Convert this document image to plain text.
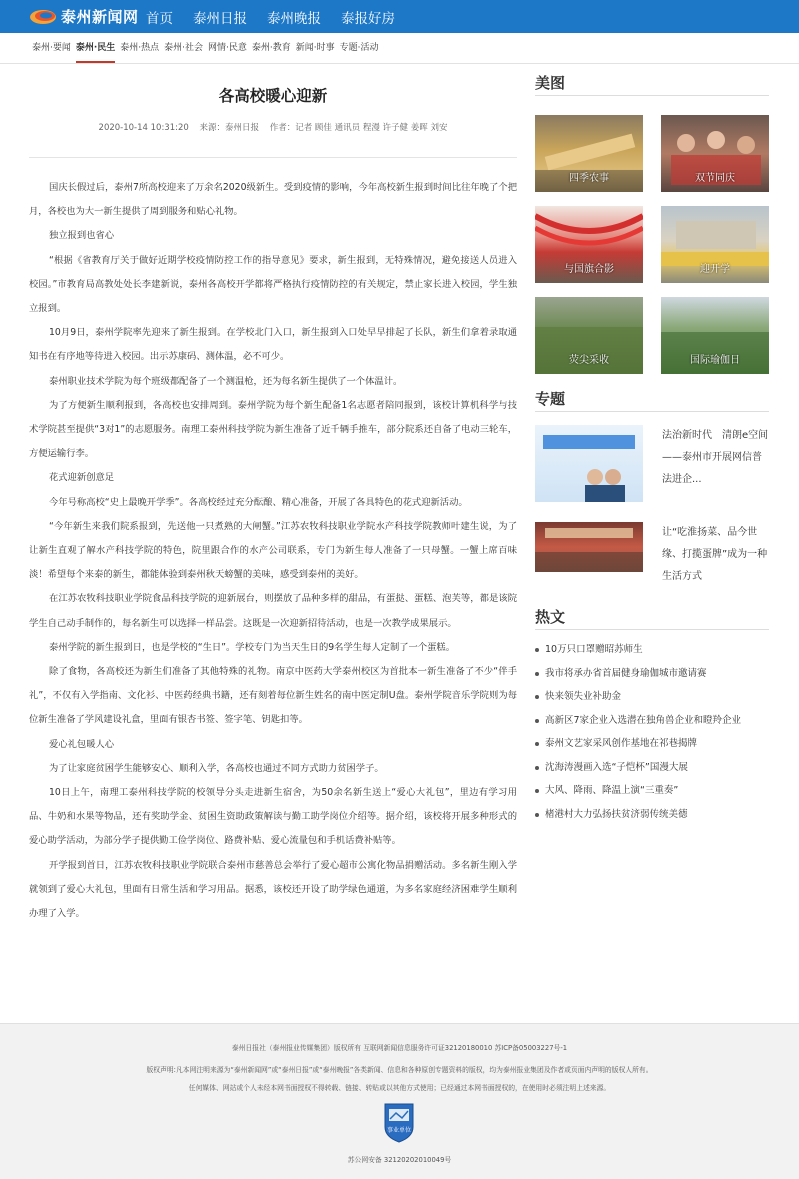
泰州新闻网 首页 泰州日报 泰州晚报 泰报好房
泰州·要闻 泰州·民生 泰州·热点 泰州·社会 网情·民意 泰州·教育 新闻·时事 专题·活动
各高校暖心迎新
2020-10-14 10:31:20 来源：泰州日报 作者：记者 顾佳 通讯员 程漫 许子健 姜晖 刘安

国庆长假过后，泰州7所高校迎来了万余名2020级新生。受到疫情的影响，今年高校新生报到时间比往年晚了个把月，各校也为大一新生提供了周到服务和贴心礼物。

独立报到也省心

“根据《省教育厅关于做好近期学校疫情防控工作的指导意见》要求，新生报到，无特殊情况，避免接送人员进入校园。”市教育局高教处处长李建新说，泰州各高校开学都将严格执行疫情防控的有关规定，禁止家长进入校园，学生独立报到。

10月9日，泰州学院率先迎来了新生报到。在学校北门入口，新生报到入口处早早排起了长队，新生们拿着录取通知书在有序地等待进入校园。出示苏康码、测体温，必不可少。

泰州职业技术学院为每个班级都配备了一个测温枪，还为每名新生提供了一个体温计。

为了方便新生顺利报到，各高校也安排周到。泰州学院为每个新生配备1名志愿者陪同报到，该校计算机科学与技术学院甚至提供“3对1”的志愿服务。南理工泰州科技学院为新生准备了近千辆手推车，部分院系还自备了电动三轮车，方便运输行李。

花式迎新创意足

今年号称高校“史上最晚开学季”。各高校经过充分酝酿、精心准备，开展了各具特色的花式迎新活动。

“今年新生来我们院系报到，先送他一只煮熟的大闸蟹。”江苏农牧科技职业学院水产科技学院教师叶建生说，为了让新生直观了解水产科技学院的特色，院里跟合作的水产公司联系，专门为新生每人准备了一只母蟹。一蟹上席百味淡！希望每个来泰的新生，都能体验到泰州秋天螃蟹的美味，感受到泰州的美好。

在江苏农牧科技职业学院食品科技学院的迎新展台，则摆放了品种多样的甜品，有蛋挞、蛋糕、泡芙等，都是该院学生自己动手制作的，每名新生可以选择一样品尝。这既是一次迎新招待活动，也是一次教学成果展示。

泰州学院的新生报到日，也是学校的“生日”。学校专门为当天生日的9名学生每人定制了一个蛋糕。

除了食物，各高校还为新生们准备了其他特殊的礼物。南京中医药大学泰州校区为首批本一新生准备了不少“伴手礼”，不仅有入学指南、文化衫、中医药经典书籍，还有刻着每位新生姓名的南中医定制U盘。泰州学院音乐学院则为每位新生准备了学风建设礼盒，里面有银杏书签、签字笔、钥匙扣等。

爱心礼包暖人心

为了让家庭贫困学生能够安心、顺利入学，各高校也通过不同方式助力贫困学子。

10日上午，南理工泰州科技学院的校领导分头走进新生宿舍，为50余名新生送上“爱心大礼包”，里边有学习用品、牛奶和水果等物品，还有奖助学金、贫困生资助政策解读与勤工助学岗位介绍等。据介绍，该校将开展多种形式的爱心助学活动，为部分学子提供勤工俭学岗位、路费补贴、爱心流量包和手机话费补贴等。

开学报到首日，江苏农牧科技职业学院联合泰州市慈善总会举行了爱心超市公寓化物品捐赠活动。多名新生刚入学就领到了爱心大礼包，里面有日常生活和学习用品。据悉，该校还开设了助学绿色通道，为多名家庭经济困难学生顺利办理了入学。

美图
四季农事	双节同庆
与国旗合影	迎开学
荧尖采收	国际瑜伽日
专题
法治新时代　清朗e空间——泰州市开展网信普法进企...
让“吃淮扬菜、品今世缘、打揽蛋牌”成为一种生活方式
热文
10万只口罩赠昭苏师生
我市将承办省首届健身瑜伽城市邀请赛
快来领失业补助金
高新区7家企业入选潜在独角兽企业和瞪羚企业
泰州文艺家采风创作基地在祁巷揭牌
沈海涛漫画入选“子恺杯”国漫大展
大风、降雨、降温上演“三重奏”
楮港村大力弘扬扶贫济弱传统美德

泰州日报社（泰州报业传媒集团）版权所有 互联网新闻信息服务许可证32120180010 苏ICP备05003227号-1

版权声明:凡本网注明来源为“泰州新闻网”或“泰州日报”或“泰州晚报”各类新闻、信息和各种原创专题资料的版权，均为泰州报业集团及作者或页面内声明的版权人所有。

任何媒体、网站或个人未经本网书面授权不得转载、链接、转贴或以其他方式使用；已经通过本网书面授权的，在使用时必须注明上述来源。

事业单位

苏公网安备 32120202010049号
